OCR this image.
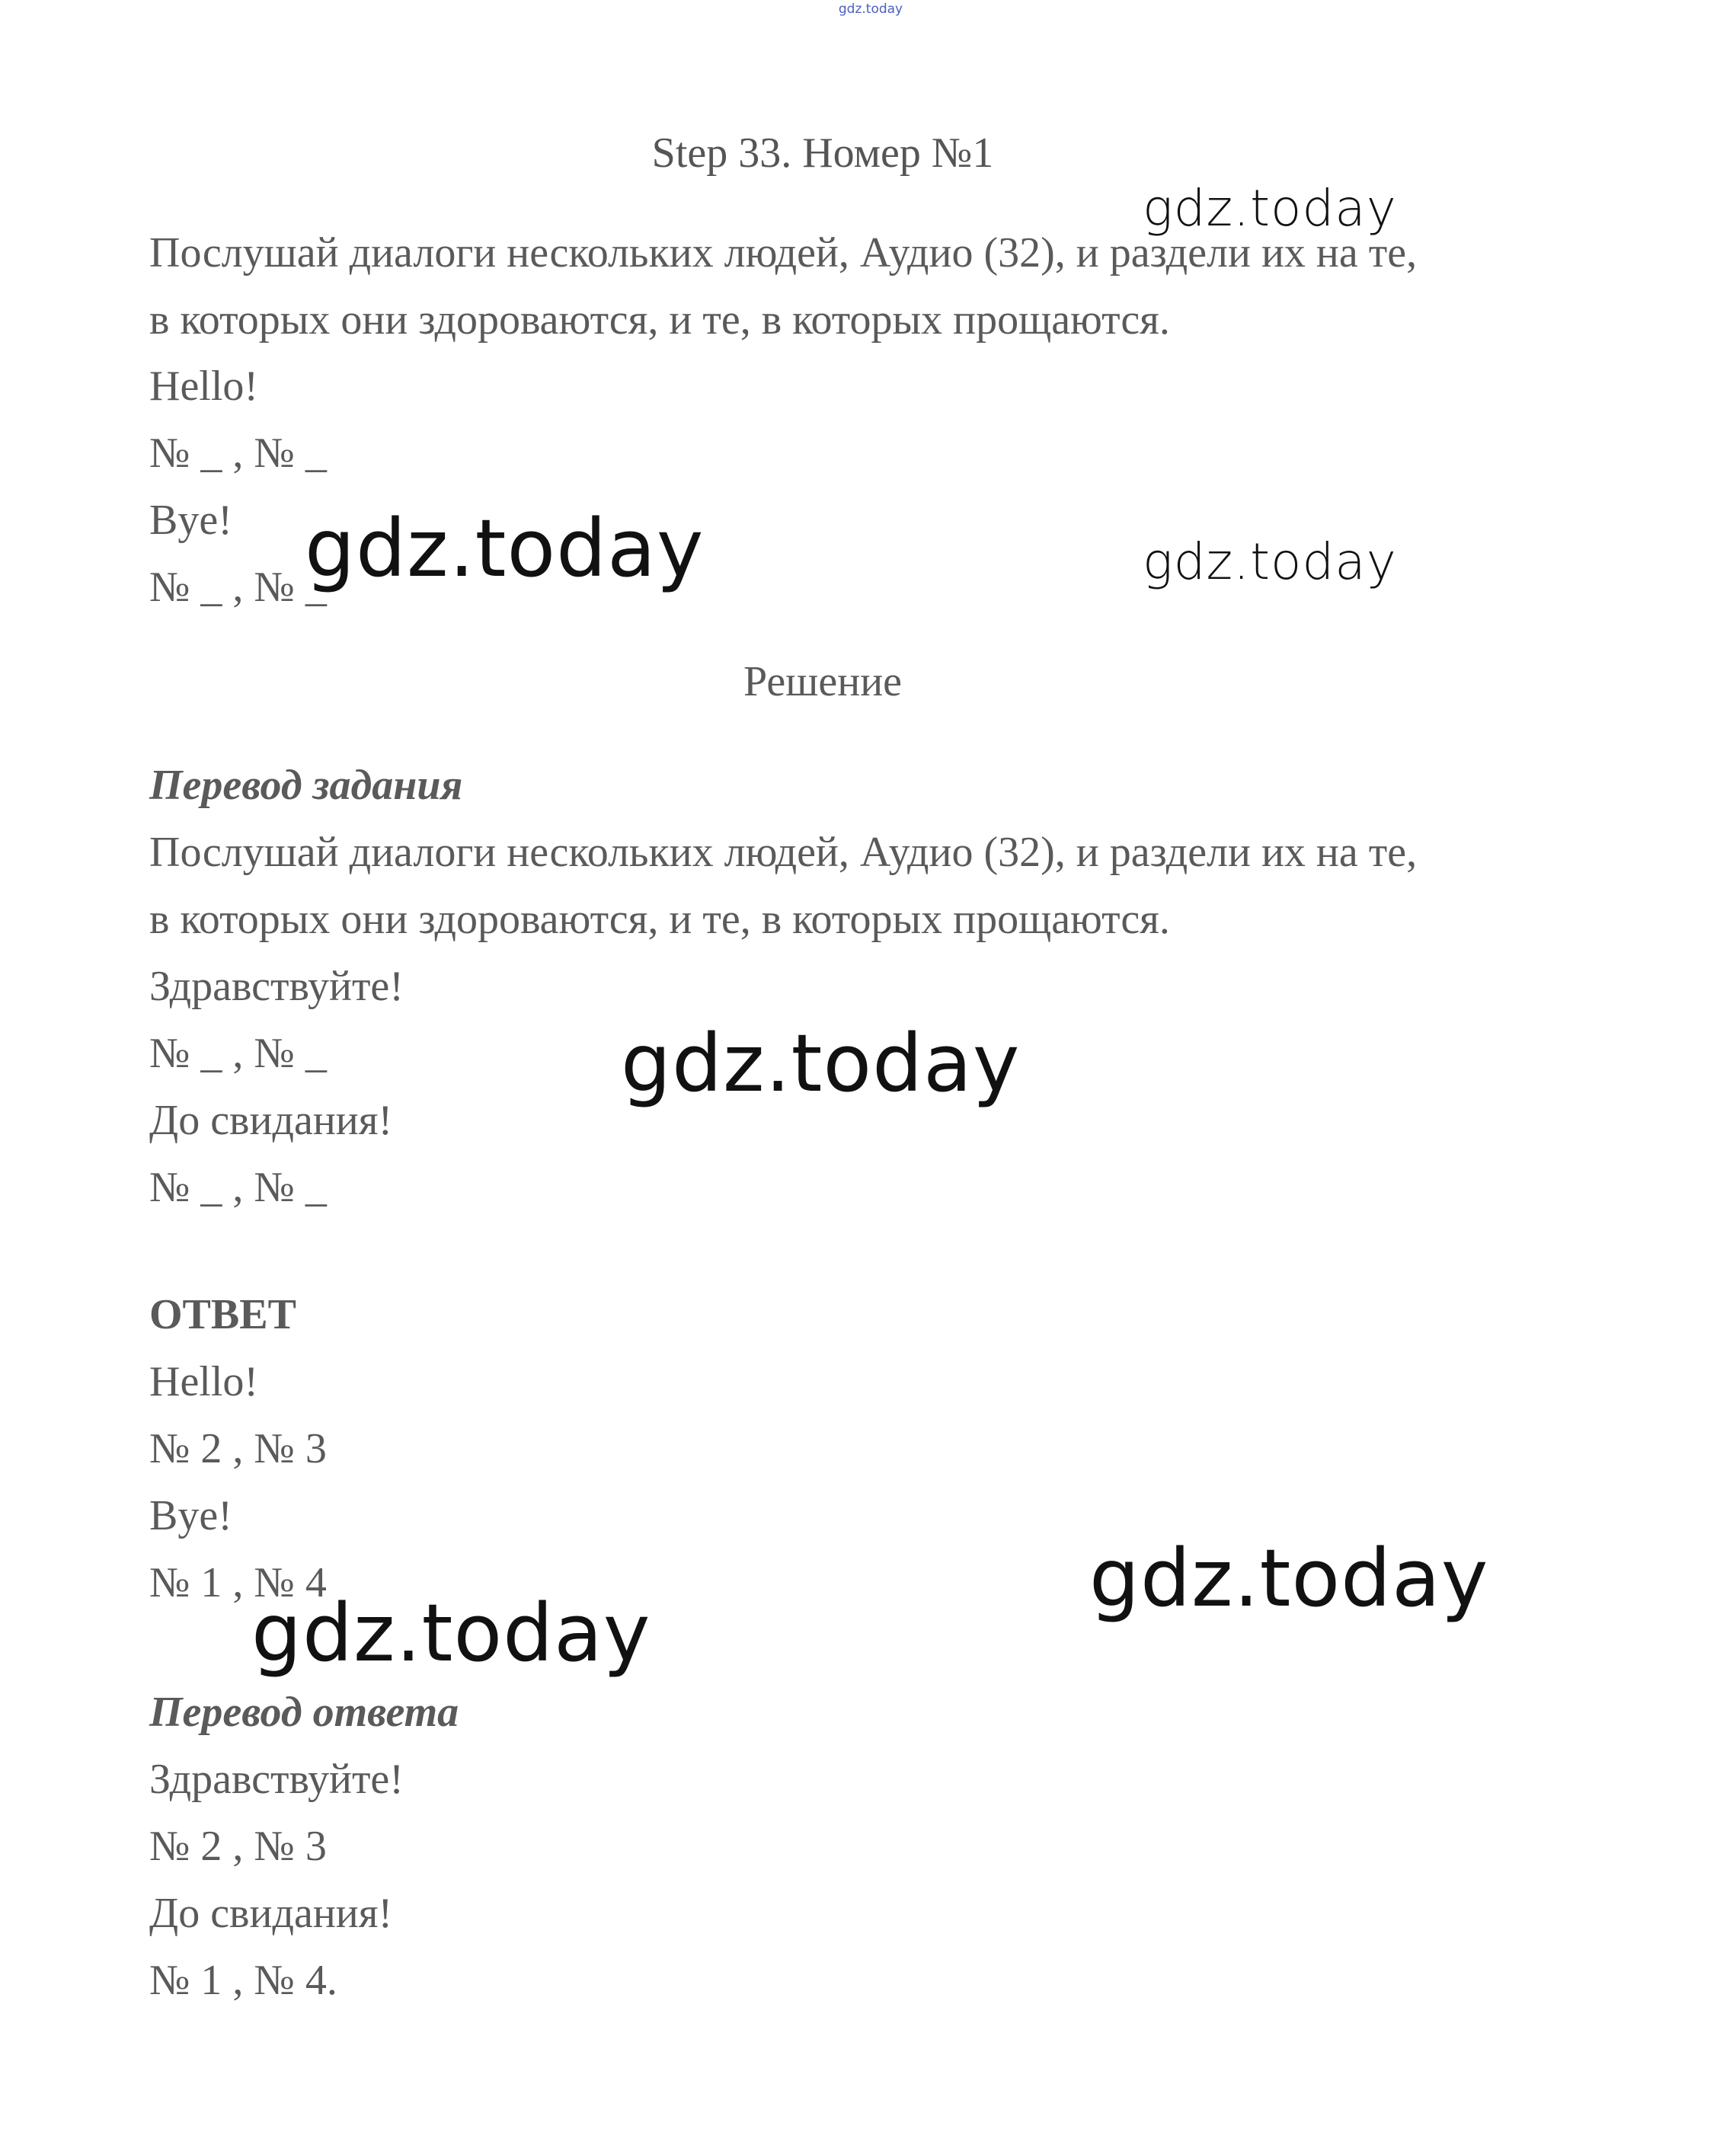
gdz.today
Step 33. Номер №1
Послушай диалоги нескольких людей, Аудио (32), и раздели их на те,
в которых они здороваются, и те, в которых прощаются.
Hello!
№ _ , № _
Bye!
№ _ , № _
Решение
Перевод задания
Послушай диалоги нескольких людей, Аудио (32), и раздели их на те,
в которых они здороваются, и те, в которых прощаются.
Здравствуйте!
№ _ , № _
До свидания!
№ _ , № _
ОТВЕТ
Hello!
№ 2 , № 3
Bye!
№ 1 , № 4
Перевод ответа
Здравствуйте!
№ 2 , № 3
До свидания!
№ 1 , № 4.
gdz.today
gdz.today	gdz.today
gdz.today
gdz.today
gdz.today
